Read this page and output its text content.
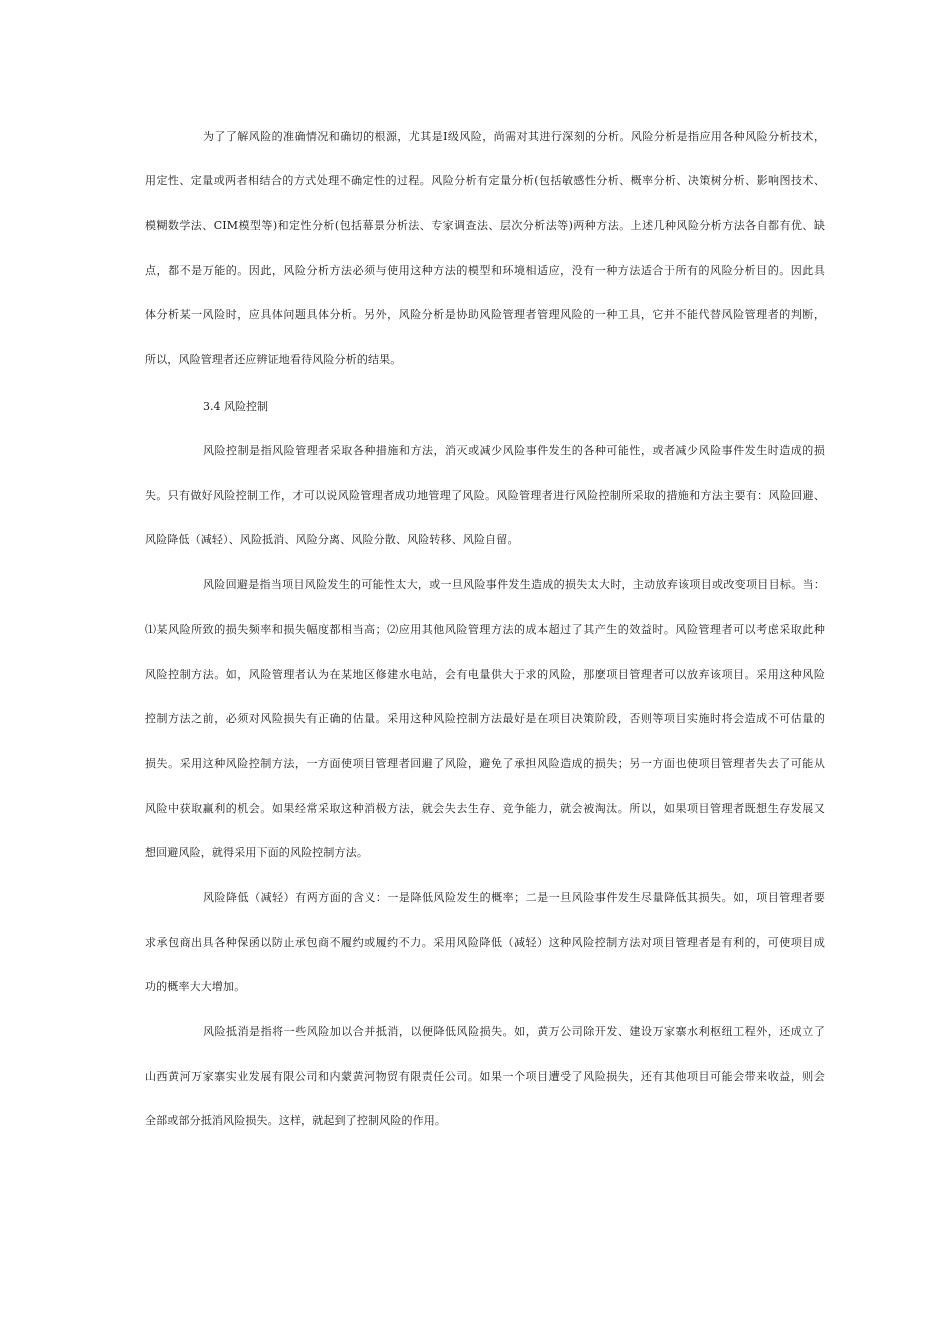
为了了解风险的准确情况和确切的根源，尤其是Ⅰ级风险，尚需对其进行深刻的分析。风险分析是指应用各种风险分析技术，
用定性、定量或两者相结合的方式处理不确定性的过程。风险分析有定量分析(包括敏感性分析、概率分析、决策树分析、影响图技术、
模糊数学法、CIM模型等)和定性分析(包括幕景分析法、专家调查法、层次分析法等)两种方法。上述几种风险分析方法各自都有优、缺
点，都不是万能的。因此，风险分析方法必须与使用这种方法的模型和环境相适应，没有一种方法适合于所有的风险分析目的。因此具
体分析某一风险时，应具体问题具体分析。另外，风险分析是协助风险管理者管理风险的一种工具，它并不能代替风险管理者的判断，
所以，风险管理者还应辨证地看待风险分析的结果。
3.4 风险控制
风险控制是指风险管理者采取各种措施和方法，消灭或减少风险事件发生的各种可能性，或者减少风险事件发生时造成的损
失。只有做好风险控制工作，才可以说风险管理者成功地管理了风险。风险管理者进行风险控制所采取的措施和方法主要有：风险回避、
风险降低（减轻）、风险抵消、风险分离、风险分散、风险转移、风险自留。
风险回避是指当项目风险发生的可能性太大，或一旦风险事件发生造成的损失太大时，主动放弃该项目或改变项目目标。当：
⑴某风险所致的损失频率和损失幅度都相当高；⑵应用其他风险管理方法的成本超过了其产生的效益时。风险管理者可以考虑采取此种
风险控制方法。如，风险管理者认为在某地区修建水电站，会有电量供大于求的风险，那麼项目管理者可以放弃该项目。采用这种风险
控制方法之前，必须对风险损失有正确的估量。采用这种风险控制方法最好是在项目决策阶段，否则等项目实施时将会造成不可估量的
损失。采用这种风险控制方法，一方面使项目管理者回避了风险，避免了承担风险造成的损失；另一方面也使项目管理者失去了可能从
风险中获取赢利的机会。如果经常采取这种消极方法，就会失去生存、竞争能力，就会被淘汰。所以，如果项目管理者既想生存发展又
想回避风险，就得采用下面的风险控制方法。
风险降低（减轻）有两方面的含义：一是降低风险发生的概率；二是一旦风险事件发生尽量降低其损失。如，项目管理者要
求承包商出具各种保函以防止承包商不履约或履约不力。采用风险降低（减轻）这种风险控制方法对项目管理者是有利的，可使项目成
功的概率大大增加。
风险抵消是指将一些风险加以合并抵消，以便降低风险损失。如，黄万公司除开发、建设万家寨水利枢纽工程外，还成立了
山西黄河万家寨实业发展有限公司和内蒙黄河物贸有限责任公司。如果一个项目遭受了风险损失，还有其他项目可能会带来收益，则会
全部或部分抵消风险损失。这样，就起到了控制风险的作用。
